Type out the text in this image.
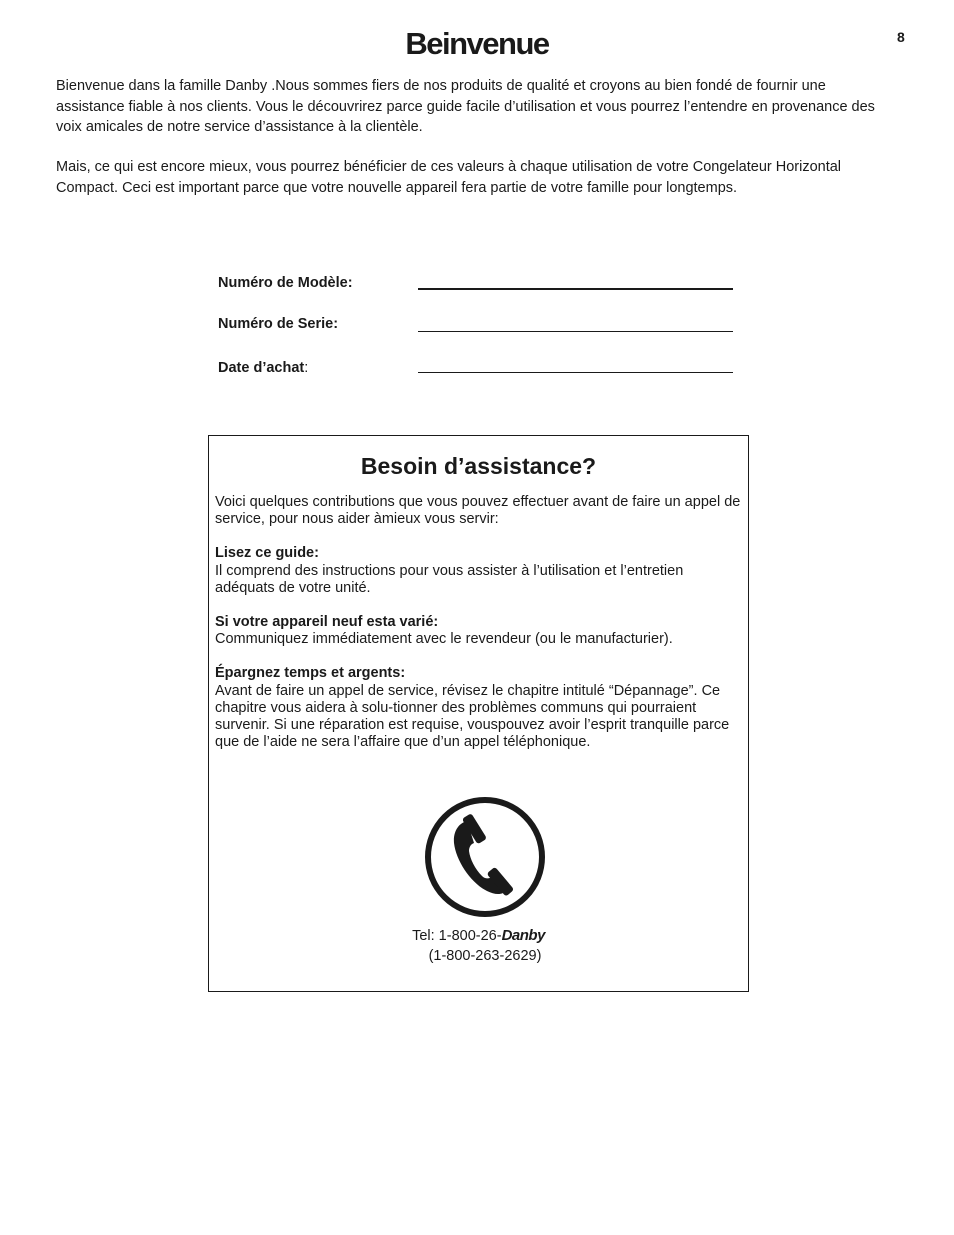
8
Beinvenue

Bienvenue dans la famille Danby .Nous sommes fiers de nos produits de qualité et croyons au bien fondé de fournir une assistance fiable à nos clients. Vous le découvrirez parce guide facile d’utilisation et vous pourrez l’entendre en provenance des voix amicales de notre service d’assistance à la clientèle.

Mais, ce qui est encore mieux, vous pourrez bénéficier de ces valeurs à chaque utilisation de votre Congelateur Horizontal Compact. Ceci est important parce que votre nouvelle appareil fera partie de votre famille pour longtemps.

Numéro de Modèle:
Numéro de Serie:
Date d’achat:
Besoin d’assistance?

Voici quelques contributions que vous pouvez effectuer avant de faire un appel de service, pour nous aider àmieux vous servir:

Lisez ce guide:
Il comprend des instructions pour vous assister à l’utilisation et l’entretien adéquats de votre unité.

Si votre appareil neuf esta varié:
Communiquez immédiatement avec le revendeur (ou le manufacturier).

Épargnez temps et argents:
Avant de faire un appel de service, révisez le chapitre intitulé “Dépannage”. Ce chapitre vous aidera à solu-tionner des problèmes communs qui pourraient survenir. Si une réparation est requise, vouspouvez avoir l’esprit tranquille parce que de l’aide ne sera l’affaire que d’un appel téléphonique.

Tel: 1-800-26-Danby
(1-800-263-2629)
